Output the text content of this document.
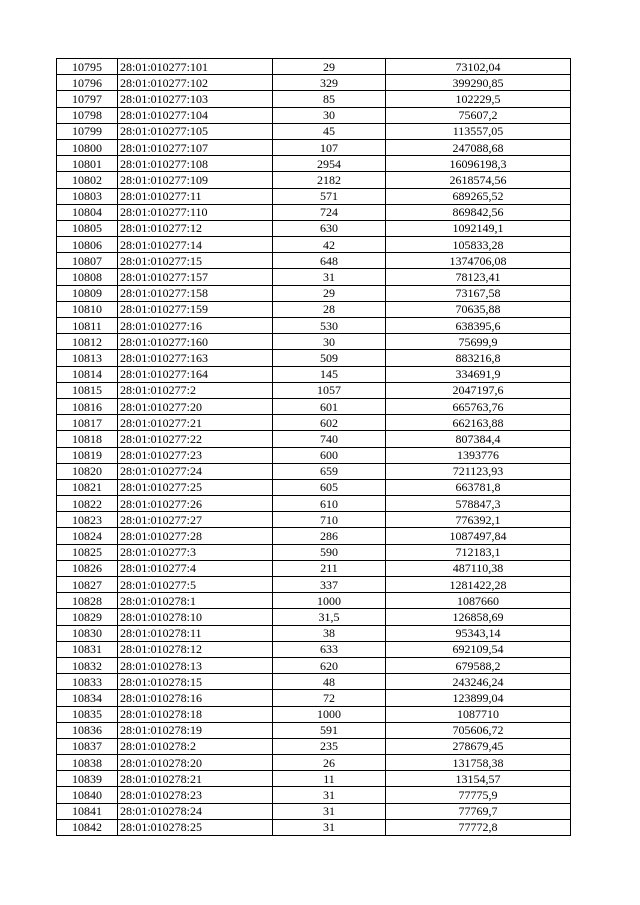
10795	28:01:010277:101	29	73102,04
10796	28:01:010277:102	329	399290,85
10797	28:01:010277:103	85	102229,5
10798	28:01:010277:104	30	75607,2
10799	28:01:010277:105	45	113557,05
10800	28:01:010277:107	107	247088,68
10801	28:01:010277:108	2954	16096198,3
10802	28:01:010277:109	2182	2618574,56
10803	28:01:010277:11	571	689265,52
10804	28:01:010277:110	724	869842,56
10805	28:01:010277:12	630	1092149,1
10806	28:01:010277:14	42	105833,28
10807	28:01:010277:15	648	1374706,08
10808	28:01:010277:157	31	78123,41
10809	28:01:010277:158	29	73167,58
10810	28:01:010277:159	28	70635,88
10811	28:01:010277:16	530	638395,6
10812	28:01:010277:160	30	75699,9
10813	28:01:010277:163	509	883216,8
10814	28:01:010277:164	145	334691,9
10815	28:01:010277:2	1057	2047197,6
10816	28:01:010277:20	601	665763,76
10817	28:01:010277:21	602	662163,88
10818	28:01:010277:22	740	807384,4
10819	28:01:010277:23	600	1393776
10820	28:01:010277:24	659	721123,93
10821	28:01:010277:25	605	663781,8
10822	28:01:010277:26	610	578847,3
10823	28:01:010277:27	710	776392,1
10824	28:01:010277:28	286	1087497,84
10825	28:01:010277:3	590	712183,1
10826	28:01:010277:4	211	487110,38
10827	28:01:010277:5	337	1281422,28
10828	28:01:010278:1	1000	1087660
10829	28:01:010278:10	31,5	126858,69
10830	28:01:010278:11	38	95343,14
10831	28:01:010278:12	633	692109,54
10832	28:01:010278:13	620	679588,2
10833	28:01:010278:15	48	243246,24
10834	28:01:010278:16	72	123899,04
10835	28:01:010278:18	1000	1087710
10836	28:01:010278:19	591	705606,72
10837	28:01:010278:2	235	278679,45
10838	28:01:010278:20	26	131758,38
10839	28:01:010278:21	11	13154,57
10840	28:01:010278:23	31	77775,9
10841	28:01:010278:24	31	77769,7
10842	28:01:010278:25	31	77772,8
